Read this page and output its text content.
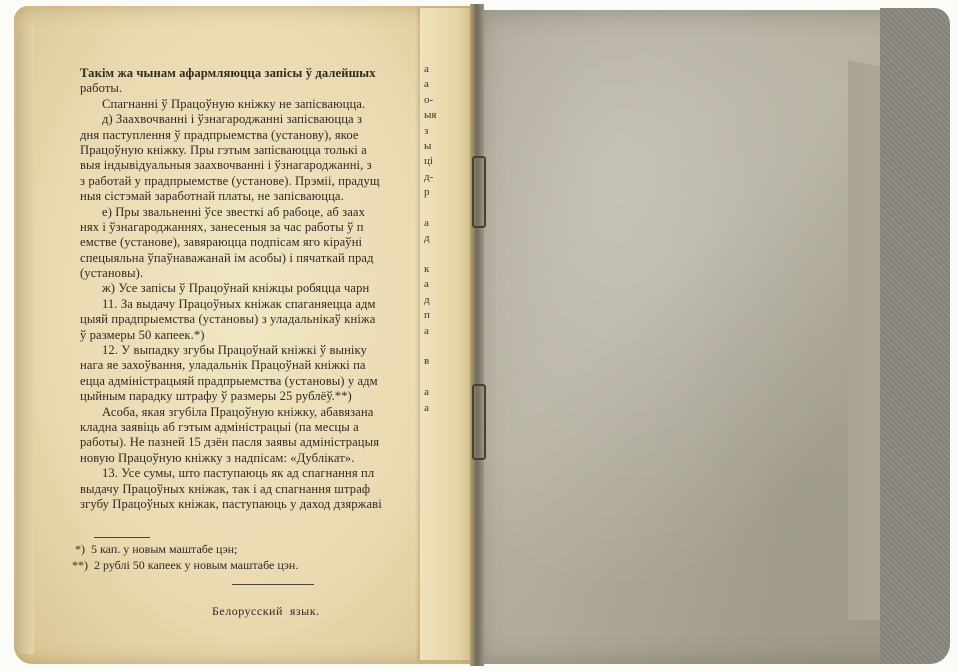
а
а
о-
ыя
з
ы
ці
д-
р
а
д
к
а
д
п
а
в
а
а
Такім жа чынам афармляюцца запісы ў далейшых
работы.
Спагнанні ў Працоўную кніжку не запісваюцца.
д) Заахвочванні і ўзнагароджанні запісваюцца з
дня паступлення ў прадпрыемства (установу), якое
Працоўную кніжку. Пры гэтым запісваюцца толькі а
выя індывідуальныя заахвочванні і ўзнагароджанні, з
з работай у прадпрыемстве (установе). Прэміі, прадущ
ныя сістэмай заработнай платы, не запісваюцца.
е) Пры звальненні ўсе звесткі аб рабоце, аб заах
нях і ўзнагароджаннях, занесеныя за час работы ў п
емстве (установе), завяраюцца подпісам яго кіраўні
спецыяльна ўпаўнаважанай ім асобы) і пячаткай прад
(установы).
ж) Усе запісы ў Працоўнай кніжцы робяцца чарн
11. За выдачу Працоўных кніжак спаганяецца адм
цыяй прадпрыемства (установы) з уладальнікаў кніжа
ў размеры 50 капеек.*)
12. У выпадку згубы Працоўнай кніжкі ў выніку
нага яе захоўвання, уладальнік Працоўнай кніжкі па
ецца адміністрацыяй прадпрыемства (установы) у адм
цыйным парадку штрафу ў размеры 25 рублёў.**)
Асоба, якая згубіла Працоўную кніжку, абавязана
кладна заявіць аб гэтым адміністрацыі (па месцы а
работы). Не пазней 15 дзён пасля заявы адміністрацыя
новую Працоўную кніжку з надпісам: «Дублікат».
13. Усе сумы, што паступаюць як ад спагнання пл
выдачу Працоўных кніжак, так і ад спагнання штраф
згубу Працоўных кніжак, паступаюць у даход дзяржаві
*)  5 кап. у новым маштабе цэн;
**)  2 рублі 50 капеек у новым маштабе цэн.
Белорусский  язык.
